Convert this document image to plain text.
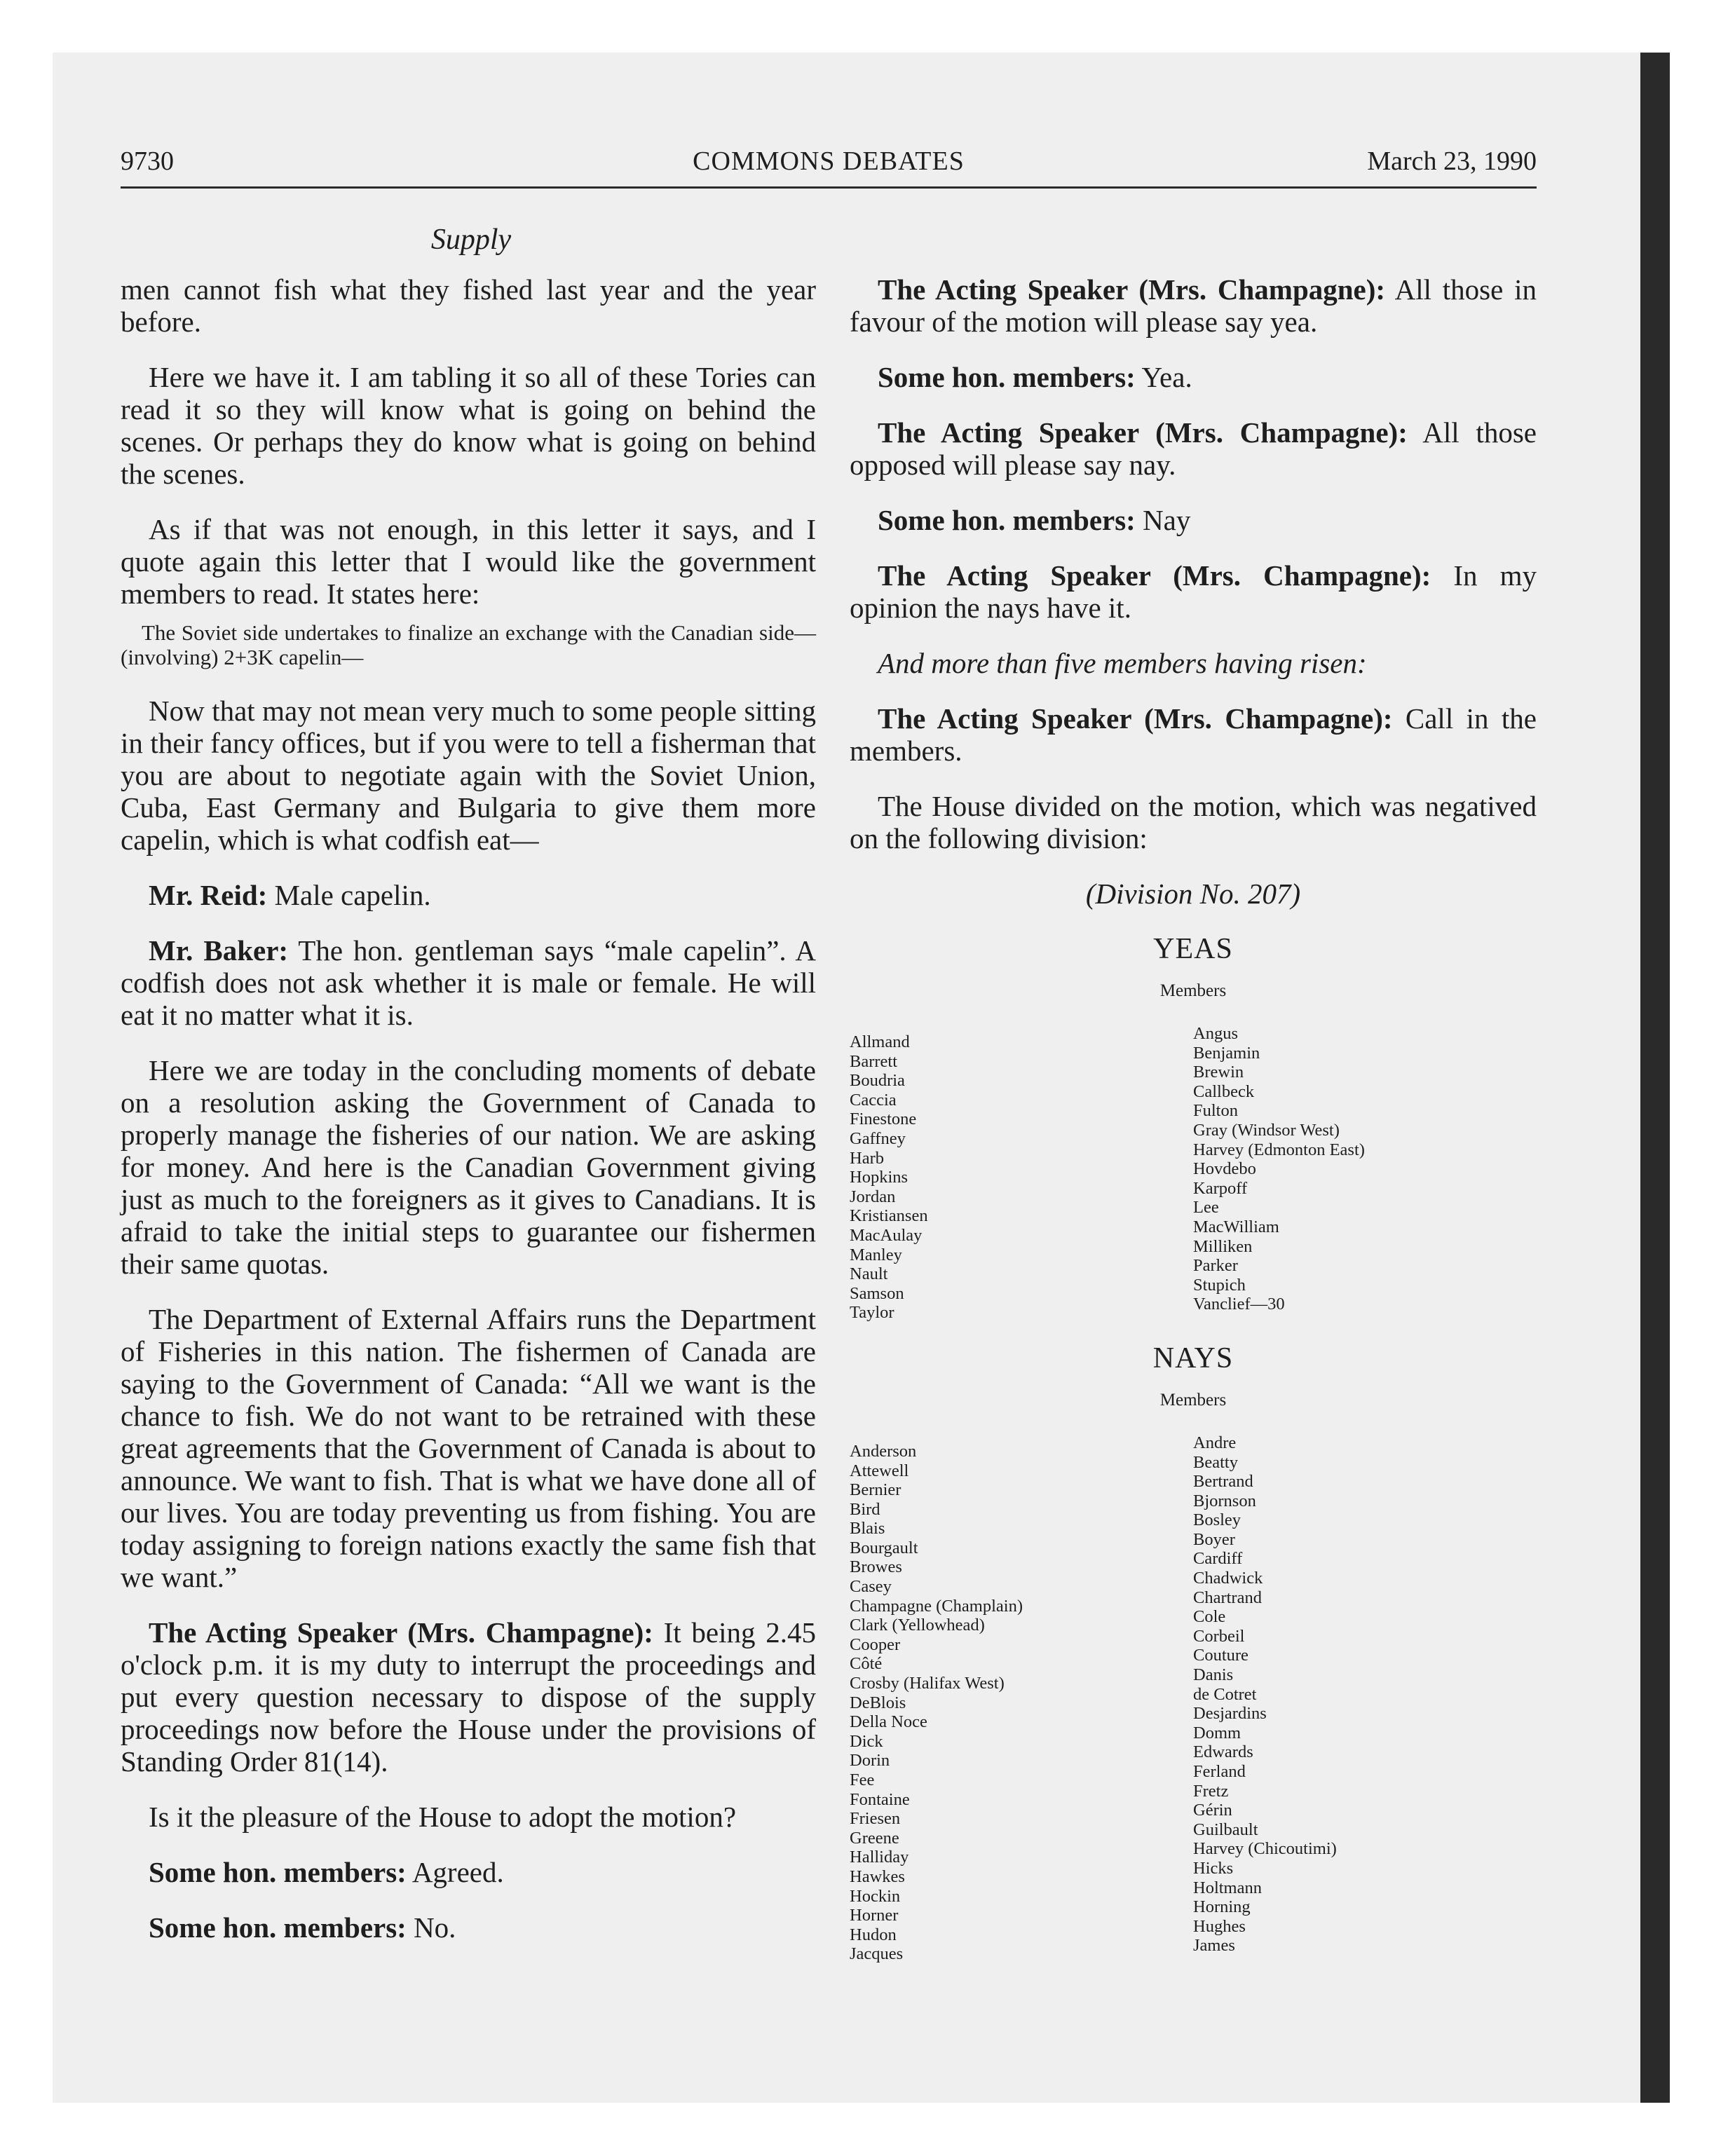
9730	COMMONS DEBATES	March 23, 1990
Supply

men cannot fish what they fished last year and the year before.

Here we have it. I am tabling it so all of these Tories can read it so they will know what is going on behind the scenes. Or perhaps they do know what is going on behind the scenes.

As if that was not enough, in this letter it says, and I quote again this letter that I would like the government members to read. It states here:

The Soviet side undertakes to finalize an exchange with the Canadian side—(involving) 2+3K capelin—

Now that may not mean very much to some people sitting in their fancy offices, but if you were to tell a fisherman that you are about to negotiate again with the Soviet Union, Cuba, East Germany and Bulgaria to give them more capelin, which is what codfish eat—

Mr. Reid: Male capelin.

Mr. Baker: The hon. gentleman says “male capelin”. A codfish does not ask whether it is male or female. He will eat it no matter what it is.

Here we are today in the concluding moments of debate on a resolution asking the Government of Canada to properly manage the fisheries of our nation. We are asking for money. And here is the Canadian Government giving just as much to the foreigners as it gives to Canadians. It is afraid to take the initial steps to guarantee our fishermen their same quotas.

The Department of External Affairs runs the Department of Fisheries in this nation. The fishermen of Canada are saying to the Government of Canada: “All we want is the chance to fish. We do not want to be retrained with these great agreements that the Government of Canada is about to announce. We want to fish. That is what we have done all of our lives. You are today preventing us from fishing. You are today assigning to foreign nations exactly the same fish that we want.”

The Acting Speaker (Mrs. Champagne): It being 2.45 o'clock p.m. it is my duty to interrupt the proceedings and put every question necessary to dispose of the supply proceedings now before the House under the provisions of Standing Order 81(14).

Is it the pleasure of the House to adopt the motion?

Some hon. members: Agreed.

Some hon. members: No.

The Acting Speaker (Mrs. Champagne): All those in favour of the motion will please say yea.

Some hon. members: Yea.

The Acting Speaker (Mrs. Champagne): All those opposed will please say nay.

Some hon. members: Nay

The Acting Speaker (Mrs. Champagne): In my opinion the nays have it.

And more than five members having risen:

The Acting Speaker (Mrs. Champagne): Call in the members.

The House divided on the motion, which was negatived on the following division:

(Division No. 207)

YEAS
Members
Allmand
Barrett
Boudria
Caccia
Finestone
Gaffney
Harb
Hopkins
Jordan
Kristiansen
MacAulay
Manley
Nault
Samson
Taylor
Angus
Benjamin
Brewin
Callbeck
Fulton
Gray (Windsor West)
Harvey (Edmonton East)
Hovdebo
Karpoff
Lee
MacWilliam
Milliken
Parker
Stupich
Vanclief—30
NAYS
Members
Anderson
Attewell
Bernier
Bird
Blais
Bourgault
Browes
Casey
Champagne (Champlain)
Clark (Yellowhead)
Cooper
Côté
Crosby (Halifax West)
DeBlois
Della Noce
Dick
Dorin
Fee
Fontaine
Friesen
Greene
Halliday
Hawkes
Hockin
Horner
Hudon
Jacques
Andre
Beatty
Bertrand
Bjornson
Bosley
Boyer
Cardiff
Chadwick
Chartrand
Cole
Corbeil
Couture
Danis
de Cotret
Desjardins
Domm
Edwards
Ferland
Fretz
Gérin
Guilbault
Harvey (Chicoutimi)
Hicks
Holtmann
Horning
Hughes
James
